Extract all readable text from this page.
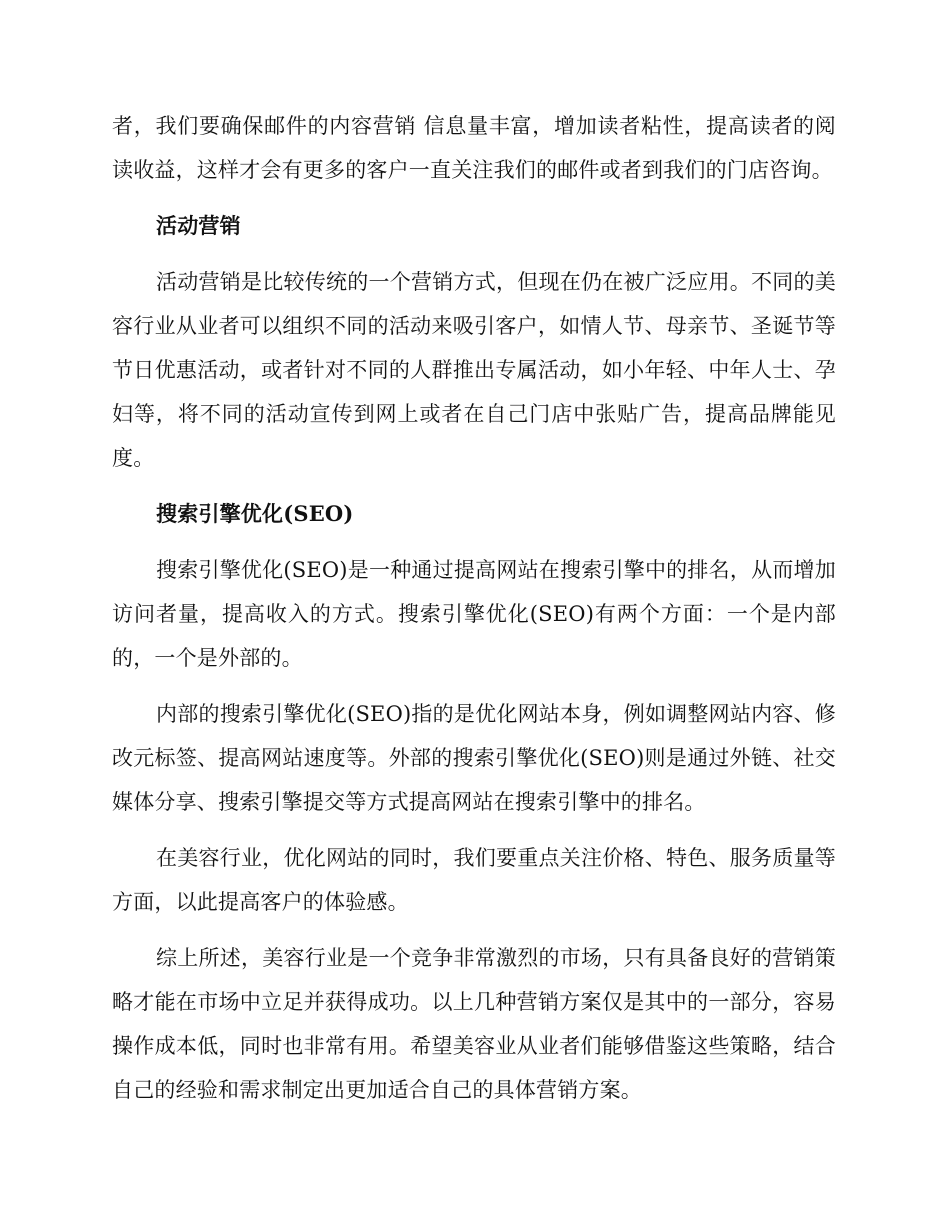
者，我们要确保邮件的内容营销 信息量丰富，增加读者粘性，提高读者的阅读收益，这样才会有更多的客户一直关注我们的邮件或者到我们的门店咨询。

活动营销

活动营销是比较传统的一个营销方式，但现在仍在被广泛应用。不同的美容行业从业者可以组织不同的活动来吸引客户，如情人节、母亲节、圣诞节等节日优惠活动，或者针对不同的人群推出专属活动，如小年轻、中年人士、孕妇等，将不同的活动宣传到网上或者在自己门店中张贴广告，提高品牌能见度。

搜索引擎优化(SEO)

搜索引擎优化(SEO)是一种通过提高网站在搜索引擎中的排名，从而增加访问者量，提高收入的方式。搜索引擎优化(SEO)有两个方面：一个是内部的，一个是外部的。

内部的搜索引擎优化(SEO)指的是优化网站本身，例如调整网站内容、修改元标签、提高网站速度等。外部的搜索引擎优化(SEO)则是通过外链、社交媒体分享、搜索引擎提交等方式提高网站在搜索引擎中的排名。

在美容行业，优化网站的同时，我们要重点关注价格、特色、服务质量等方面，以此提高客户的体验感。

综上所述，美容行业是一个竞争非常激烈的市场，只有具备良好的营销策略才能在市场中立足并获得成功。以上几种营销方案仅是其中的一部分，容易操作成本低，同时也非常有用。希望美容业从业者们能够借鉴这些策略，结合自己的经验和需求制定出更加适合自己的具体营销方案。
